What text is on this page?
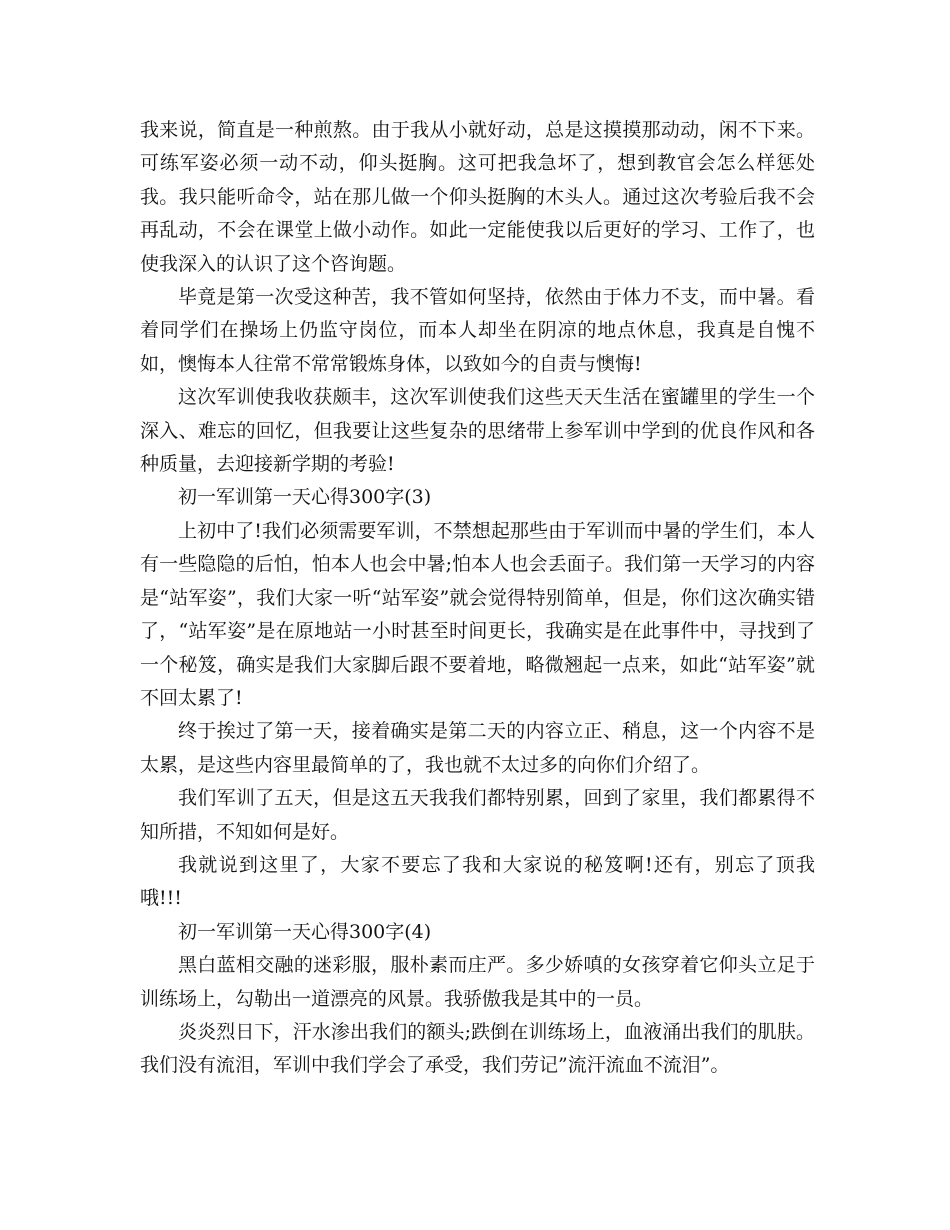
我来说，简直是一种煎熬。由于我从小就好动，总是这摸摸那动动，闲不下来。可练军姿必须一动不动，仰头挺胸。这可把我急坏了，想到教官会怎么样惩处我。我只能听命令，站在那儿做一个仰头挺胸的木头人。通过这次考验后我不会再乱动，不会在课堂上做小动作。如此一定能使我以后更好的学习、工作了，也使我深入的认识了这个咨询题。

毕竟是第一次受这种苦，我不管如何坚持，依然由于体力不支，而中暑。看着同学们在操场上仍监守岗位，而本人却坐在阴凉的地点休息，我真是自愧不如，懊悔本人往常不常常锻炼身体，以致如今的自责与懊悔!

这次军训使我收获颇丰，这次军训使我们这些天天生活在蜜罐里的学生一个深入、难忘的回忆，但我要让这些复杂的思绪带上参军训中学到的优良作风和各种质量，去迎接新学期的考验!

初一军训第一天心得300字(3)

上初中了!我们必须需要军训，不禁想起那些由于军训而中暑的学生们，本人有一些隐隐的后怕，怕本人也会中暑;怕本人也会丢面子。我们第一天学习的内容是“站军姿”，我们大家一听“站军姿”就会觉得特别简单，但是，你们这次确实错了，“站军姿”是在原地站一小时甚至时间更长，我确实是在此事件中，寻找到了一个秘笈，确实是我们大家脚后跟不要着地，略微翘起一点来，如此“站军姿”就不回太累了!

终于挨过了第一天，接着确实是第二天的内容立正、稍息，这一个内容不是太累，是这些内容里最简单的了，我也就不太过多的向你们介绍了。

我们军训了五天，但是这五天我我们都特别累，回到了家里，我们都累得不知所措，不知如何是好。

我就说到这里了，大家不要忘了我和大家说的秘笈啊!还有，别忘了顶我哦!!!

初一军训第一天心得300字(4)

黑白蓝相交融的迷彩服，服朴素而庄严。多少娇嗔的女孩穿着它仰头立足于训练场上，勾勒出一道漂亮的风景。我骄傲我是其中的一员。

炎炎烈日下，汗水渗出我们的额头;跌倒在训练场上，血液涌出我们的肌肤。我们没有流泪，军训中我们学会了承受，我们劳记”流汗流血不流泪”。
